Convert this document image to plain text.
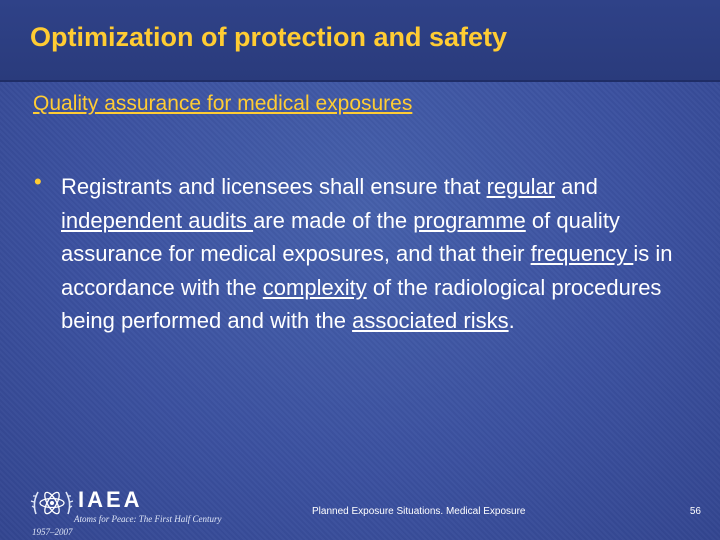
Optimization of protection and safety

Quality assurance for medical exposures

• Registrants and licensees shall ensure that regular and independent audits are made of the programme of quality assurance for medical exposures, and that their frequency is in accordance with the complexity of the radiological procedures being performed and with the associated risks.

IAEA
Atoms for Peace: The First Half Century
1957–2007
Planned Exposure Situations. Medical Exposure	56
